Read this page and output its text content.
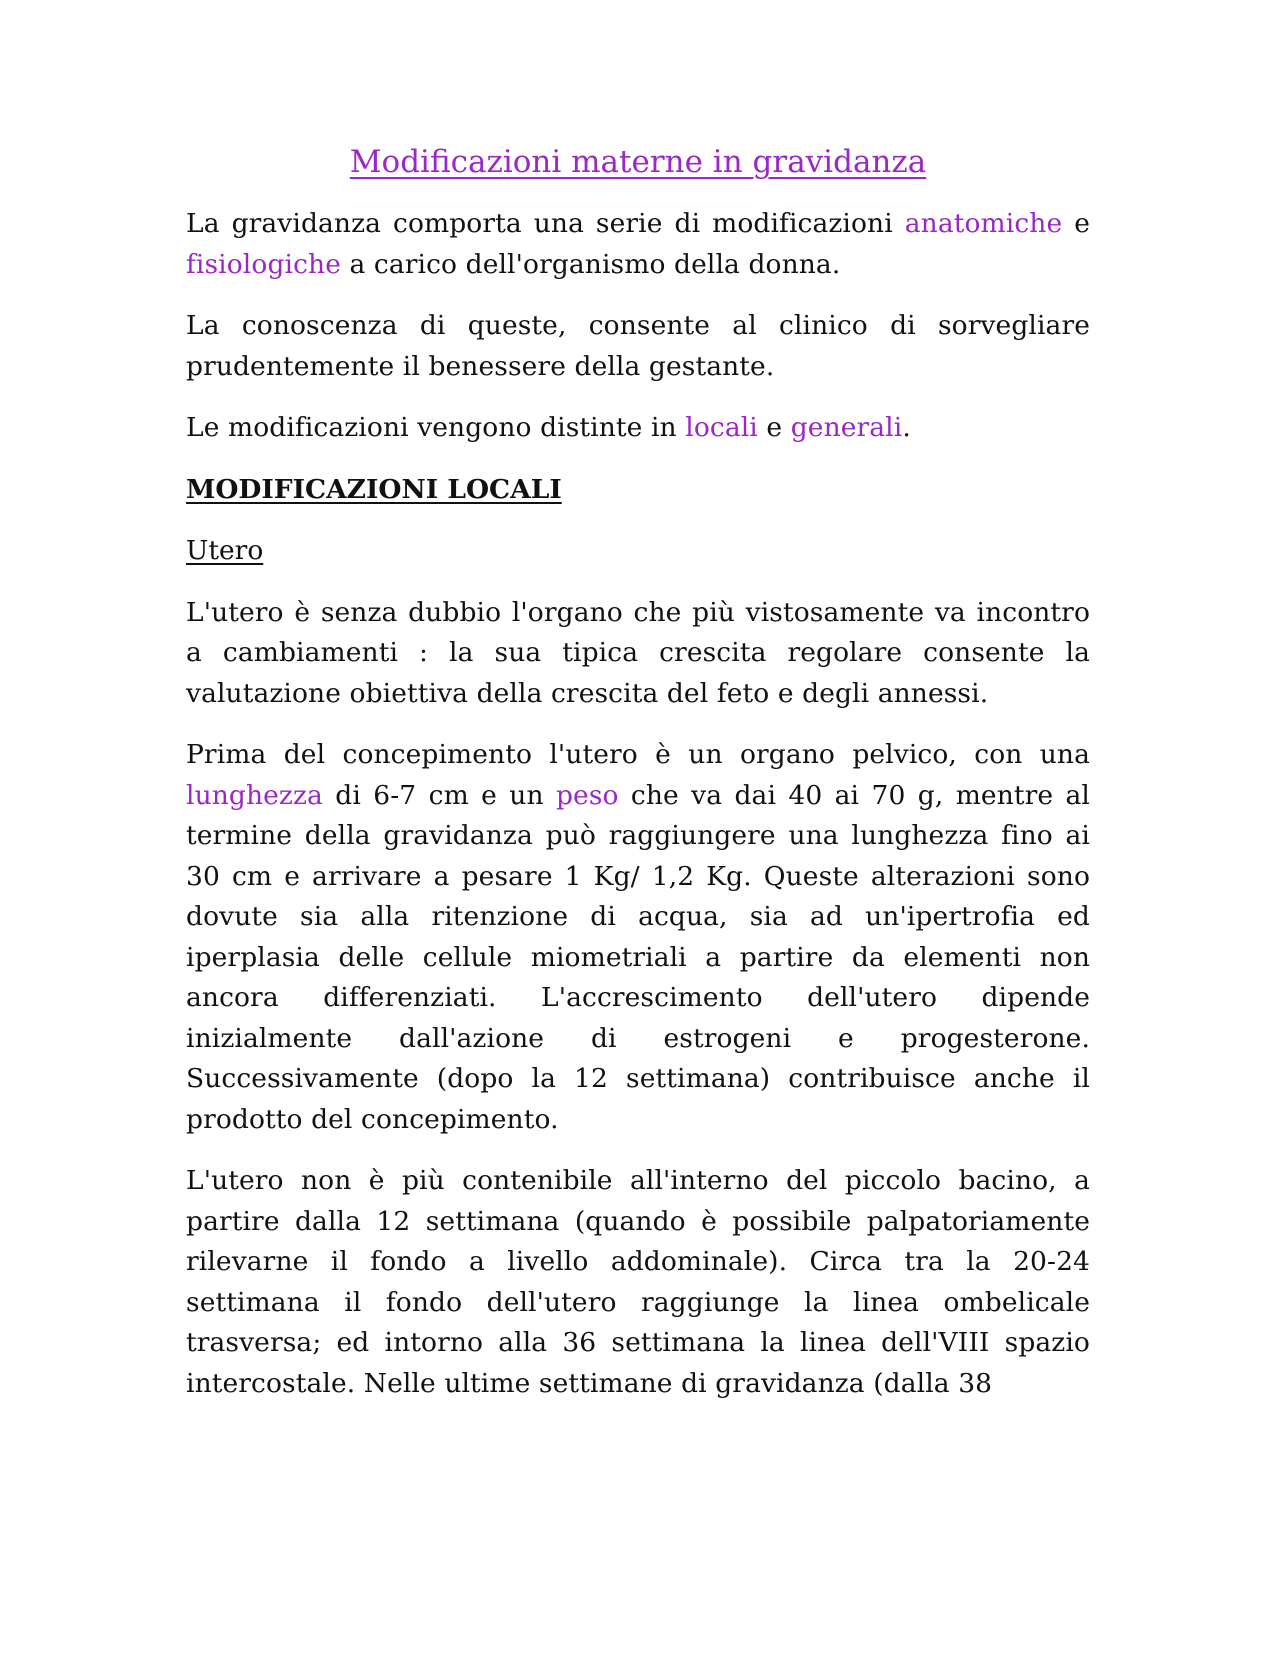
Modificazioni materne in gravidanza

La gravidanza comporta una serie di modificazioni anatomiche e fisiologiche a carico dell'organismo della donna.

La conoscenza di queste, consente al clinico di sorvegliare prudentemente il benessere della gestante.

Le modificazioni vengono distinte in locali e generali.

MODIFICAZIONI LOCALI
Utero

L'utero è senza dubbio l'organo che più vistosamente va incontro a cambiamenti : la sua tipica crescita regolare consente la valutazione obiettiva della crescita del feto e degli annessi.

Prima del concepimento l'utero è un organo pelvico, con una lunghezza di 6-7 cm e un peso che va dai 40 ai 70 g, mentre al termine della gravidanza può raggiungere una lunghezza fino ai 30 cm e arrivare a pesare 1 Kg/ 1,2 Kg. Queste alterazioni sono dovute sia alla ritenzione di acqua, sia ad un'ipertrofia ed iperplasia delle cellule miometriali a partire da elementi non ancora differenziati. L'accrescimento dell'utero dipende inizialmente dall'azione di estrogeni e progesterone. Successivamente (dopo la 12 settimana) contribuisce anche il prodotto del concepimento.

L'utero non è più contenibile all'interno del piccolo bacino, a partire dalla 12 settimana (quando è possibile palpatoriamente rilevarne il fondo a livello addominale). Circa tra la 20-24 settimana il fondo dell'utero raggiunge la linea ombelicale trasversa; ed intorno alla 36 settimana la linea dell'VIII spazio intercostale. Nelle ultime settimane di gravidanza (dalla 38
